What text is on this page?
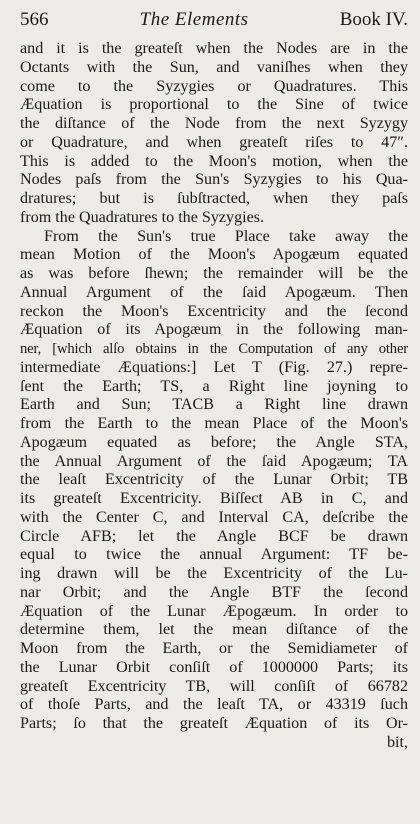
566	The Elements	Book IV.
and it is the greateſt when the Nodes are in the
Octants with the Sun, and vaniſhes when they
come to the Syzygies or Quadratures. This
Æquation is proportional to the Sine of twice
the diſtance of the Node from the next Syzygy
or Quadrature, and when greateſt riſes to 47″.
This is added to the Moon's motion, when the
Nodes paſs from the Sun's Syzygies to his Qua-
dratures; but is ſubſtracted, when they paſs
from the Quadratures to the Syzygies.
From the Sun's true Place take away the
mean Motion of the Moon's Apogæum equated
as was before ſhewn; the remainder will be the
Annual Argument of the ſaid Apogæum. Then
reckon the Moon's Excentricity and the ſecond
Æquation of its Apogæum in the following man-
ner, [which alſo obtains in the Computation of any other
intermediate Æquations:] Let T (Fig. 27.) repre-
ſent the Earth; TS, a Right line joyning to
Earth and Sun; TACB a Right line drawn
from the Earth to the mean Place of the Moon's
Apogæum equated as before; the Angle STA,
the Annual Argument of the ſaid Apogæum; TA
the leaſt Excentricity of the Lunar Orbit; TB
its greateſt Excentricity. Biſſect AB in C, and
with the Center C, and Interval CA, deſcribe the
Circle AFB; let the Angle BCF be drawn
equal to twice the annual Argument: TF be-
ing drawn will be the Excentricity of the Lu-
nar Orbit; and the Angle BTF the ſecond
Æquation of the Lunar Æpogæum. In order to
determine them, let the mean diſtance of the
Moon from the Earth, or the Semidiameter of
the Lunar Orbit conſiſt of 1000000 Parts; its
greateſt Excentricity TB, will conſiſt of 66782
of thoſe Parts, and the leaſt TA, or 43319 ſuch
Parts; ſo that the greateſt Æquation of its Or-
bit,
